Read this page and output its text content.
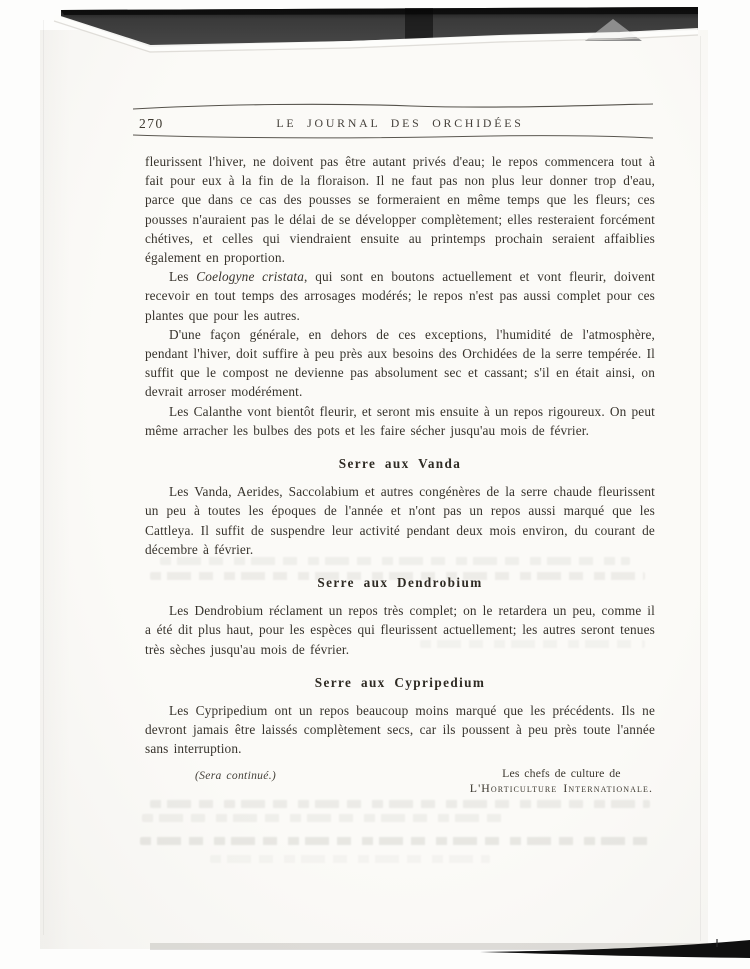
270	LE JOURNAL DES ORCHIDÉES

fleurissent l'hiver, ne doivent pas être autant privés d'eau; le repos commencera tout à fait pour eux à la fin de la floraison. Il ne faut pas non plus leur donner trop d'eau, parce que dans ce cas des pousses se formeraient en même temps que les fleurs; ces pousses n'auraient pas le délai de se développer complètement; elles resteraient forcément chétives, et celles qui viendraient ensuite au printemps prochain seraient affaiblies également en proportion.

Les Coelogyne cristata, qui sont en boutons actuellement et vont fleurir, doivent recevoir en tout temps des arrosages modérés; le repos n'est pas aussi complet pour ces plantes que pour les autres.

D'une façon générale, en dehors de ces exceptions, l'humidité de l'atmosphère, pendant l'hiver, doit suffire à peu près aux besoins des Orchidées de la serre tempérée. Il suffit que le compost ne devienne pas absolument sec et cassant; s'il en était ainsi, on devrait arroser modérément.

Les Calanthe vont bientôt fleurir, et seront mis ensuite à un repos rigoureux. On peut même arracher les bulbes des pots et les faire sécher jusqu'au mois de février.

Serre aux Vanda

Les Vanda, Aerides, Saccolabium et autres congénères de la serre chaude fleurissent un peu à toutes les époques de l'année et n'ont pas un repos aussi marqué que les Cattleya. Il suffit de suspendre leur activité pendant deux mois environ, du courant de décembre à février.

Serre aux Dendrobium

Les Dendrobium réclament un repos très complet; on le retardera un peu, comme il a été dit plus haut, pour les espèces qui fleurissent actuellement; les autres seront tenues très sèches jusqu'au mois de février.

Serre aux Cypripedium

Les Cypripedium ont un repos beaucoup moins marqué que les précédents. Ils ne devront jamais être laissés complètement secs, car ils poussent à peu près toute l'année sans interruption.

(Sera continué.)	Les chefs de culture de
L'Horticulture Internationale.
